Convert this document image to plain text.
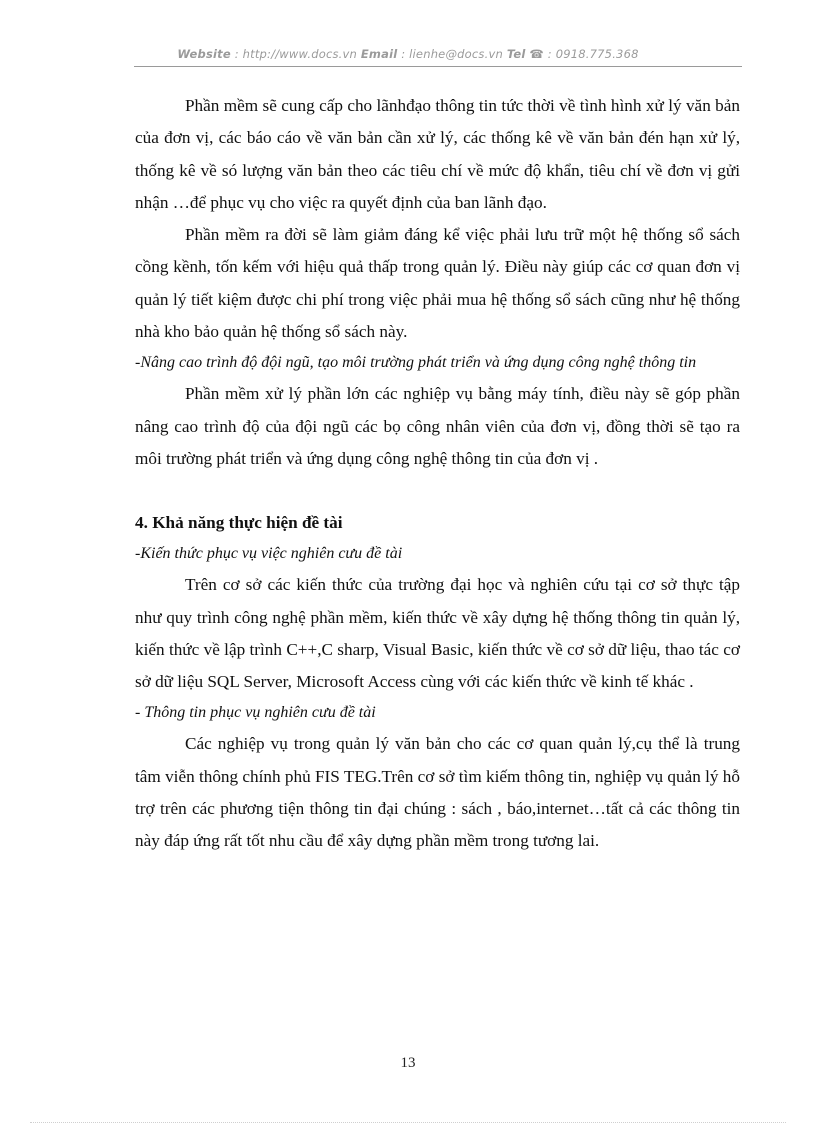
Website : http://www.docs.vn Email : lienhe@docs.vn Tel ☎ : 0918.775.368

Phần mềm sẽ cung cấp cho lãnhđạo thông tin tức thời về tình hình xử lý văn bản của đơn vị, các báo cáo về văn bản cần xử lý, các thống kê về văn bản đén hạn xử lý, thống kê về só lượng văn bản theo các tiêu chí về mức độ khẩn, tiêu chí về đơn vị gửi nhận …để phục vụ cho việc ra quyết định của ban lãnh đạo.

Phần mềm ra đời sẽ làm giảm đáng kể việc phải lưu trữ một hệ thống sổ sách cồng kềnh, tốn kếm với hiệu quả thấp trong quản lý. Điều này giúp các cơ quan đơn vị quản lý tiết kiệm được chi phí trong việc phải mua hệ thống sổ sách cũng như hệ thống nhà kho bảo quản hệ thống sổ sách này.

-Nâng cao trình độ đội ngũ, tạo môi trường phát triển và ứng dụng công nghệ thông tin

Phần mềm xử lý phần lớn các nghiệp vụ bằng máy tính, điều này sẽ góp phần nâng cao trình độ của đội ngũ các bọ công nhân viên của đơn vị, đồng thời sẽ tạo ra môi trường phát triển và ứng dụng công nghệ thông tin của đơn vị .

4. Khả năng thực hiện đề tài

-Kiến thức phục vụ việc nghiên cưu đề tài

Trên cơ sở các kiến thức của trường đại học và nghiên cứu tại cơ sở thực tập như quy trình công nghệ phần mềm, kiến thức về xây dựng hệ thống thông tin quản lý, kiến thức về lập trình C++,C sharp, Visual Basic, kiến thức về cơ sở dữ liệu, thao tác cơ sở dữ liệu SQL Server, Microsoft Access cùng với các kiến thức về kinh tế khác .

- Thông tin phục vụ nghiên cưu đề tài

Các nghiệp vụ trong quản lý văn bản cho các cơ quan quản lý,cụ thể là trung tâm viễn thông chính phủ FIS TEG.Trên cơ sở tìm kiếm thông tin, nghiệp vụ quản lý hỗ trợ trên các phương tiện thông tin đại chúng : sách , báo,internet…tất cả các thông tin này đáp ứng rất tốt nhu cầu để xây dựng phần mềm trong tương lai.

13
